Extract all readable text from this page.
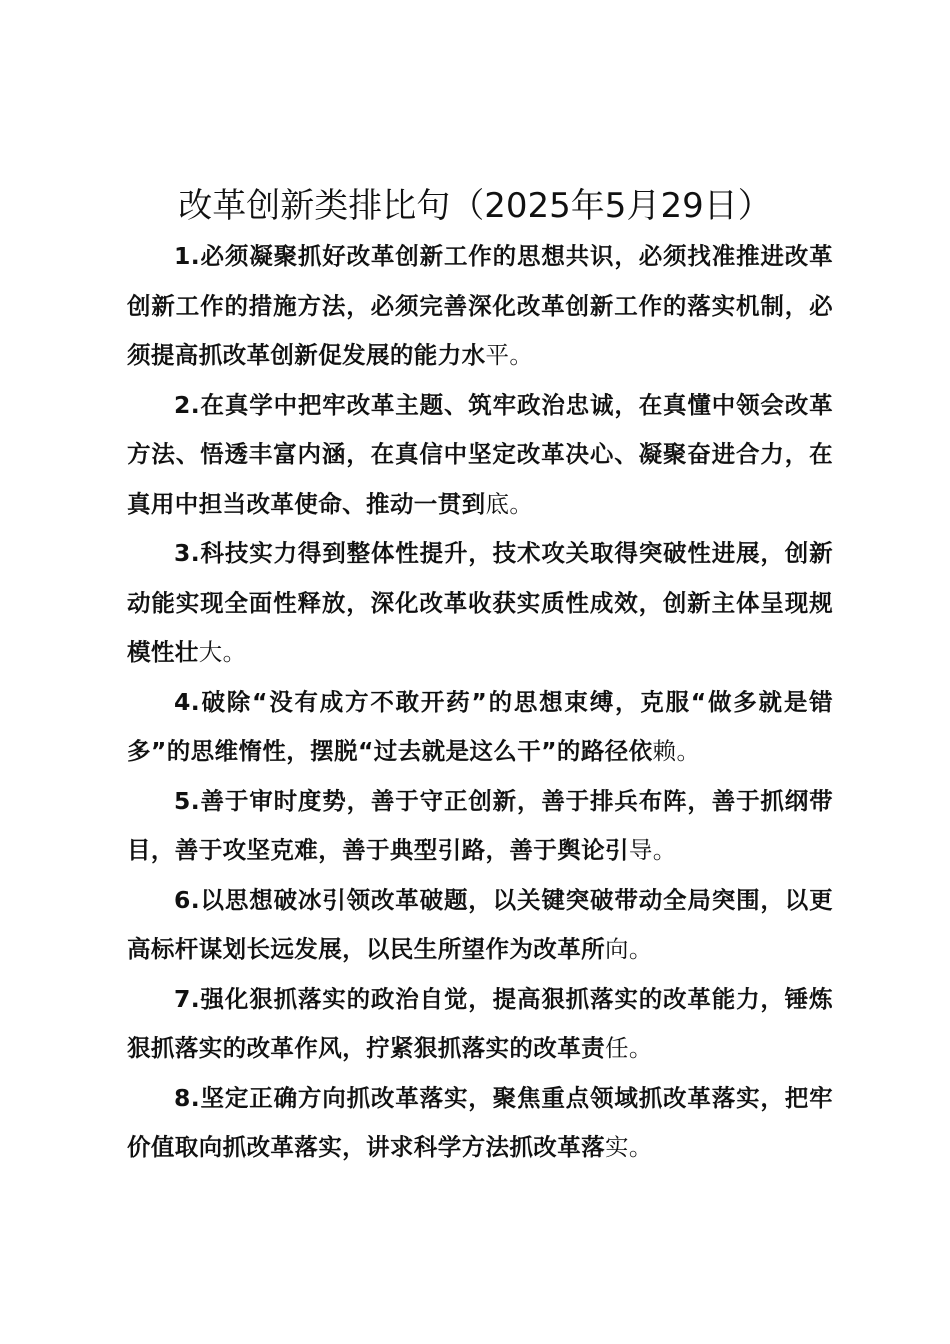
改革创新类排比句（2025年5月29日）

1.必须凝聚抓好改革创新工作的思想共识，必须找准推进改革创新工作的措施方法，必须完善深化改革创新工作的落实机制，必须提高抓改革创新促发展的能力水平。

2.在真学中把牢改革主题、筑牢政治忠诚，在真懂中领会改革方法、悟透丰富内涵，在真信中坚定改革决心、凝聚奋进合力，在真用中担当改革使命、推动一贯到底。

3.科技实力得到整体性提升，技术攻关取得突破性进展，创新动能实现全面性释放，深化改革收获实质性成效，创新主体呈现规模性壮大。

4.破除“没有成方不敢开药”的思想束缚，克服“做多就是错多”的思维惰性，摆脱“过去就是这么干”的路径依赖。

5.善于审时度势，善于守正创新，善于排兵布阵，善于抓纲带目，善于攻坚克难，善于典型引路，善于舆论引导。

6.以思想破冰引领改革破题，以关键突破带动全局突围，以更高标杆谋划长远发展，以民生所望作为改革所向。

7.强化狠抓落实的政治自觉，提高狠抓落实的改革能力，锤炼狠抓落实的改革作风，拧紧狠抓落实的改革责任。

8.坚定正确方向抓改革落实，聚焦重点领域抓改革落实，把牢价值取向抓改革落实，讲求科学方法抓改革落实。
